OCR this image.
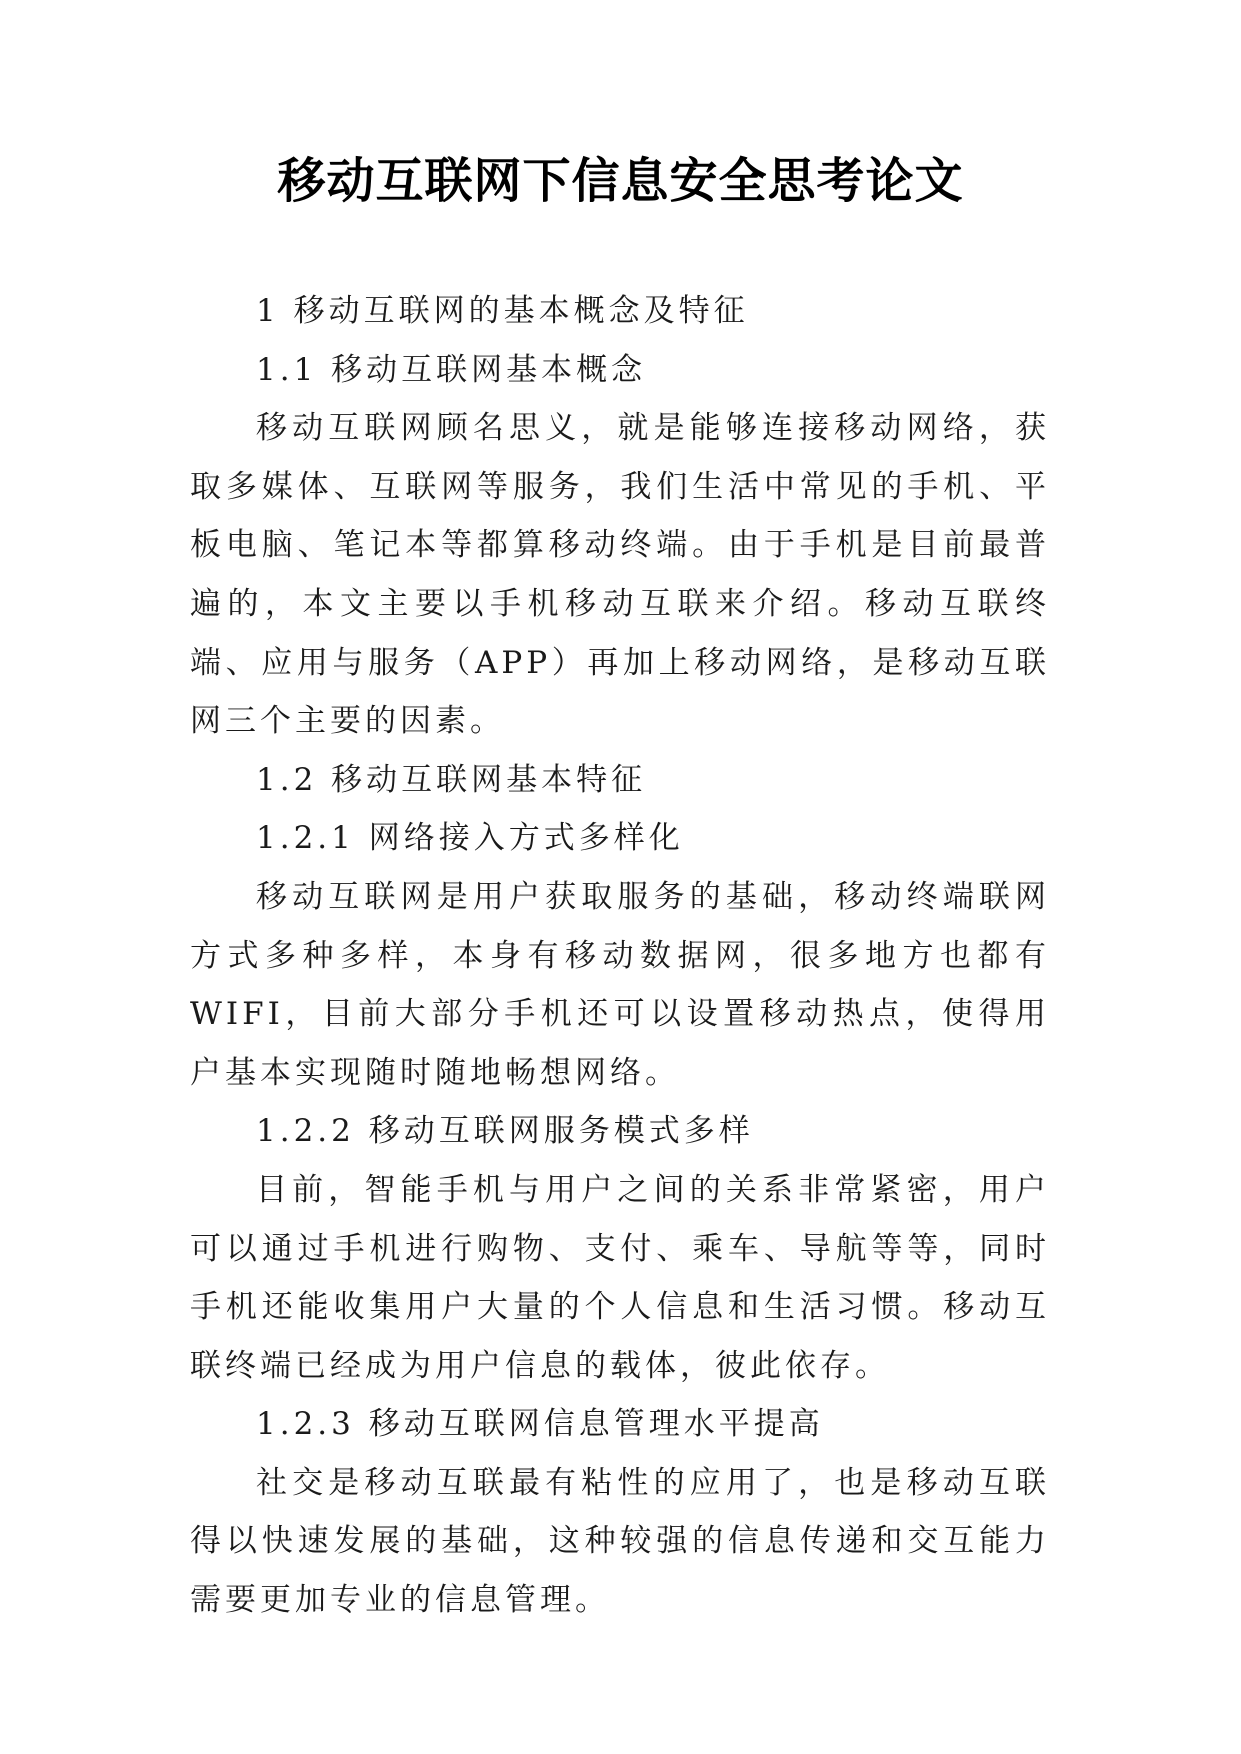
移动互联网下信息安全思考论文

1 移动互联网的基本概念及特征

1.1 移动互联网基本概念

移动互联网顾名思义，就是能够连接移动网络，获取多媒体、互联网等服务，我们生活中常见的手机、平板电脑、笔记本等都算移动终端。由于手机是目前最普遍的，本文主要以手机移动互联来介绍。移动互联终端、应用与服务（APP）再加上移动网络，是移动互联网三个主要的因素。

1.2 移动互联网基本特征

1.2.1 网络接入方式多样化

移动互联网是用户获取服务的基础，移动终端联网方式多种多样，本身有移动数据网，很多地方也都有WIFI，目前大部分手机还可以设置移动热点，使得用户基本实现随时随地畅想网络。

1.2.2 移动互联网服务模式多样

目前，智能手机与用户之间的关系非常紧密，用户可以通过手机进行购物、支付、乘车、导航等等，同时手机还能收集用户大量的个人信息和生活习惯。移动互联终端已经成为用户信息的载体，彼此依存。

1.2.3 移动互联网信息管理水平提高

社交是移动互联最有粘性的应用了，也是移动互联得以快速发展的基础，这种较强的信息传递和交互能力需要更加专业的信息管理。
